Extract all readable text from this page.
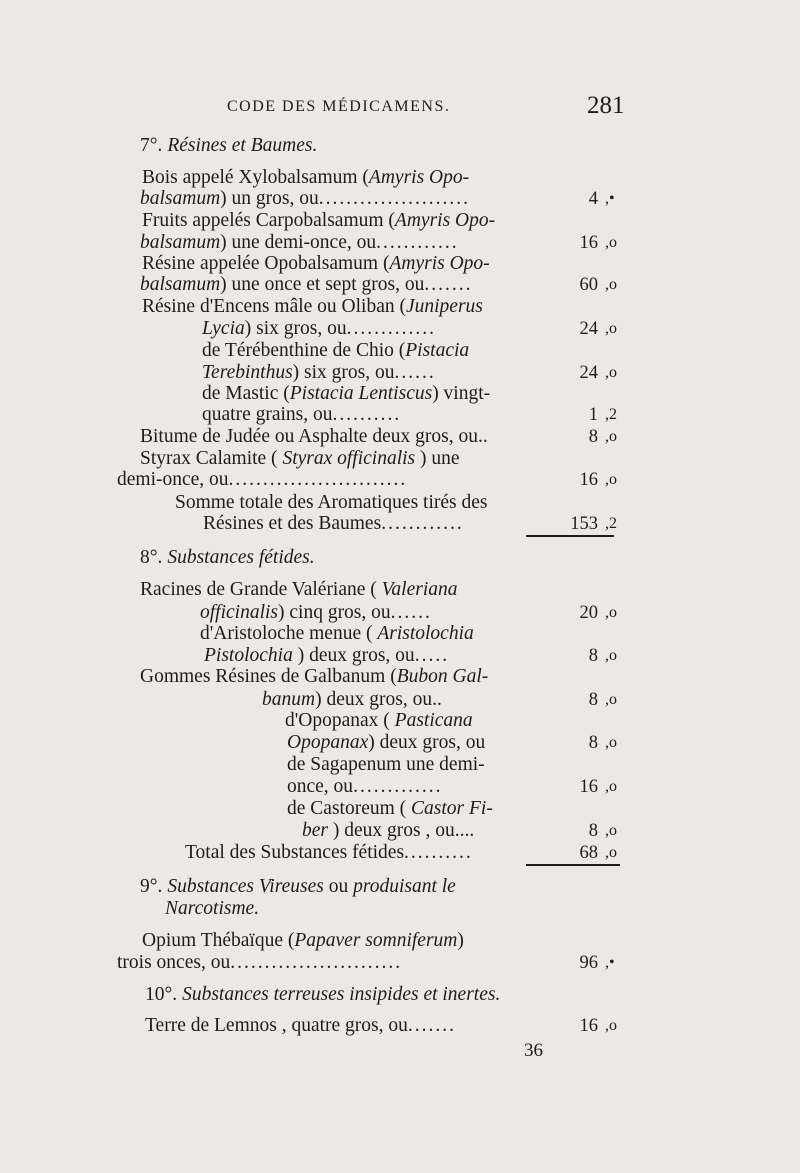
CODE DES MÉDICAMENS.	281
7°. Résines et Baumes.
Bois appelé Xylobalsamum (Amyris Opo-
balsamum) un gros, ou......................	4 ,•
Fruits appelés Carpobalsamum (Amyris Opo-
balsamum) une demi-once, ou............	16 ,o
Résine appelée Opobalsamum (Amyris Opo-
balsamum) une once et sept gros, ou.......	60 ,o
Résine d'Encens mâle ou Oliban (Juniperus
Lycia) six gros, ou.............	24 ,o
de Térébenthine de Chio (Pistacia
Terebinthus) six gros, ou......	24 ,o
de Mastic (Pistacia Lentiscus) vingt-
quatre grains, ou..........	1 ,2
Bitume de Judée ou Asphalte deux gros, ou..	8 ,o
Styrax Calamite ( Styrax officinalis ) une
demi-once, ou..........................	16 ,o
Somme totale des Aromatiques tirés des
Résines et des Baumes............	153 ,2
8°. Substances fétides.
Racines de Grande Valériane ( Valeriana
officinalis) cinq gros, ou......	20 ,o
d'Aristoloche menue ( Aristolochia
Pistolochia ) deux gros, ou.....	8 ,o
Gommes Résines de Galbanum (Bubon Gal-
banum) deux gros, ou..	8 ,o
d'Opopanax ( Pasticana
Opopanax) deux gros, ou	8 ,o
de Sagapenum une demi-
once, ou.............	16 ,o
de Castoreum ( Castor Fi-
ber ) deux gros , ou....	8 ,o
Total des Substances fétides..........	68 ,o
9°. Substances Vireuses ou produisant le
Narcotisme.
Opium Thébaïque (Papaver somniferum)
trois onces, ou.........................	96 ,•
10°. Substances terreuses insipides et inertes.
Terre de Lemnos , quatre gros, ou.......	16 ,o
36
